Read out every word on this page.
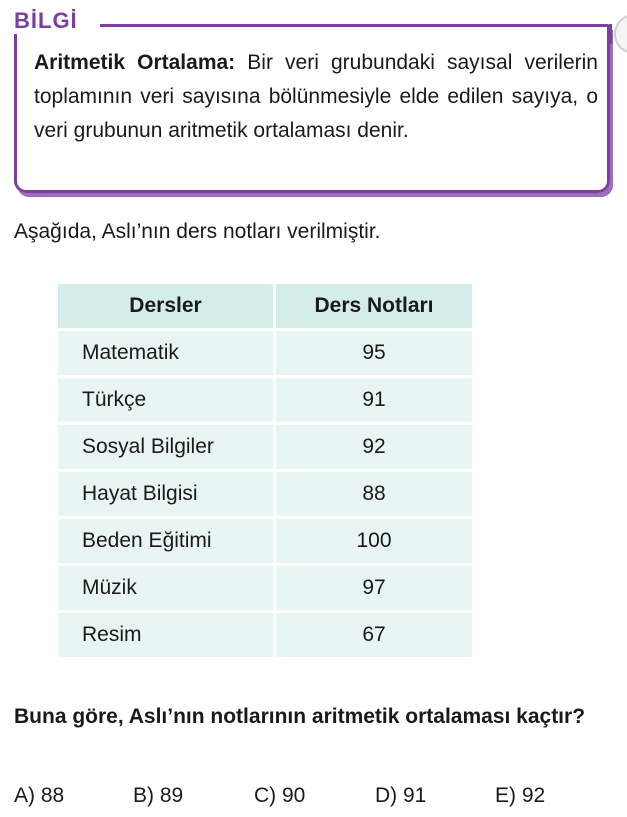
BİLGİ
Aritmetik Ortalama: Bir veri grubundaki sayısal verilerin toplamının veri sayısına bölünmesiyle elde edilen sayıya, o veri grubunun aritmetik ortalaması denir.
Aşağıda, Aslı’nın ders notları verilmiştir.
Dersler	Ders Notları
Matematik	95
Türkçe	91
Sosyal Bilgiler	92
Hayat Bilgisi	88
Beden Eğitimi	100
Müzik	97
Resim	67
Buna göre, Aslı’nın notlarının aritmetik ortalaması kaçtır?
A) 88	B) 89	C) 90	D) 91	E) 92
